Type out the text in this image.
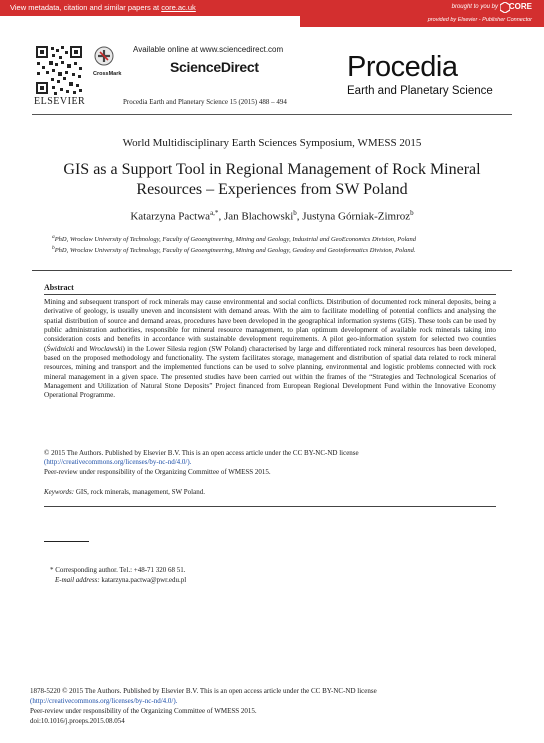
View metadata, citation and similar papers at core.ac.uk	brought to you by CORE
provided by Elsevier - Publisher Connector
CrossMark
ELSEVIER
Available online at www.sciencedirect.com
ScienceDirect	Procedia
Earth and Planetary Science
Procedia Earth and Planetary Science 15 (2015) 488 – 494
World Multidisciplinary Earth Sciences Symposium, WMESS 2015
GIS as a Support Tool in Regional Management of Rock Mineral Resources – Experiences from SW Poland
Katarzyna Pactwa$^{a,*}$, Jan Blachowski$^b$, Justyna Górniak-Zimroz$^b$
$^a$PhD, Wroclaw University of Technology, Faculty of Geoengineering, Mining and Geology, Industrial and GeoEconomics Division, Poland
$^b$PhD, Wroclaw University of Technology, Faculty of Geoengineering, Mining and Geology, Geodesy and Geoinformatics Division, Poland.
Abstract
Mining and subsequent transport of rock minerals may cause environmental and social conflicts. Distribution of documented rock mineral deposits, being a derivative of geology, is usually uneven and inconsistent with demand areas. With the aim to facilitate modelling of potential conflicts and analysing the spatial distribution of source and demand areas, procedures have been developed in the geographical information systems (GIS). These tools can be used by public administration authorities, responsible for mineral resource management, to plan optimum development of available rock minerals taking into consideration costs and benefits in accordance with sustainable development requirements. A pilot geo-information system for selected two counties (Świdnicki and Wroclawski) in the Lower Silesia region (SW Poland) characterised by large and differentiated rock mineral resources has been developed, based on the proposed methodology and functionality. The system facilitates storage, management and distribution of spatial data related to rock mineral resources, mining and transport and the implemented functions can be used to solve planning, environmental and logistic problems connected with rock mineral management in a given space. The presented studies have been carried out within the frames of the “Strategies and Technological Scenarios of Management and Utilization of Natural Stone Deposits” Project financed from European Regional Development Fund within the Innovative Economy Operational Programme.
© 2015 The Authors. Published by Elsevier B.V. This is an open access article under the CC BY-NC-ND license
(http://creativecommons.org/licenses/by-nc-nd/4.0/).
Peer-review under responsibility of the Organizing Committee of WMESS 2015.
Keywords: GIS, rock minerals, management, SW Poland.
* Corresponding author. Tel.: +48-71 320 68 51.
E-mail address: katarzyna.pactwa@pwr.edu.pl
1878-5220 © 2015 The Authors. Published by Elsevier B.V. This is an open access article under the CC BY-NC-ND license
(http://creativecommons.org/licenses/by-nc-nd/4.0/).
Peer-review under responsibility of the Organizing Committee of WMESS 2015.
doi:10.1016/j.proeps.2015.08.054
